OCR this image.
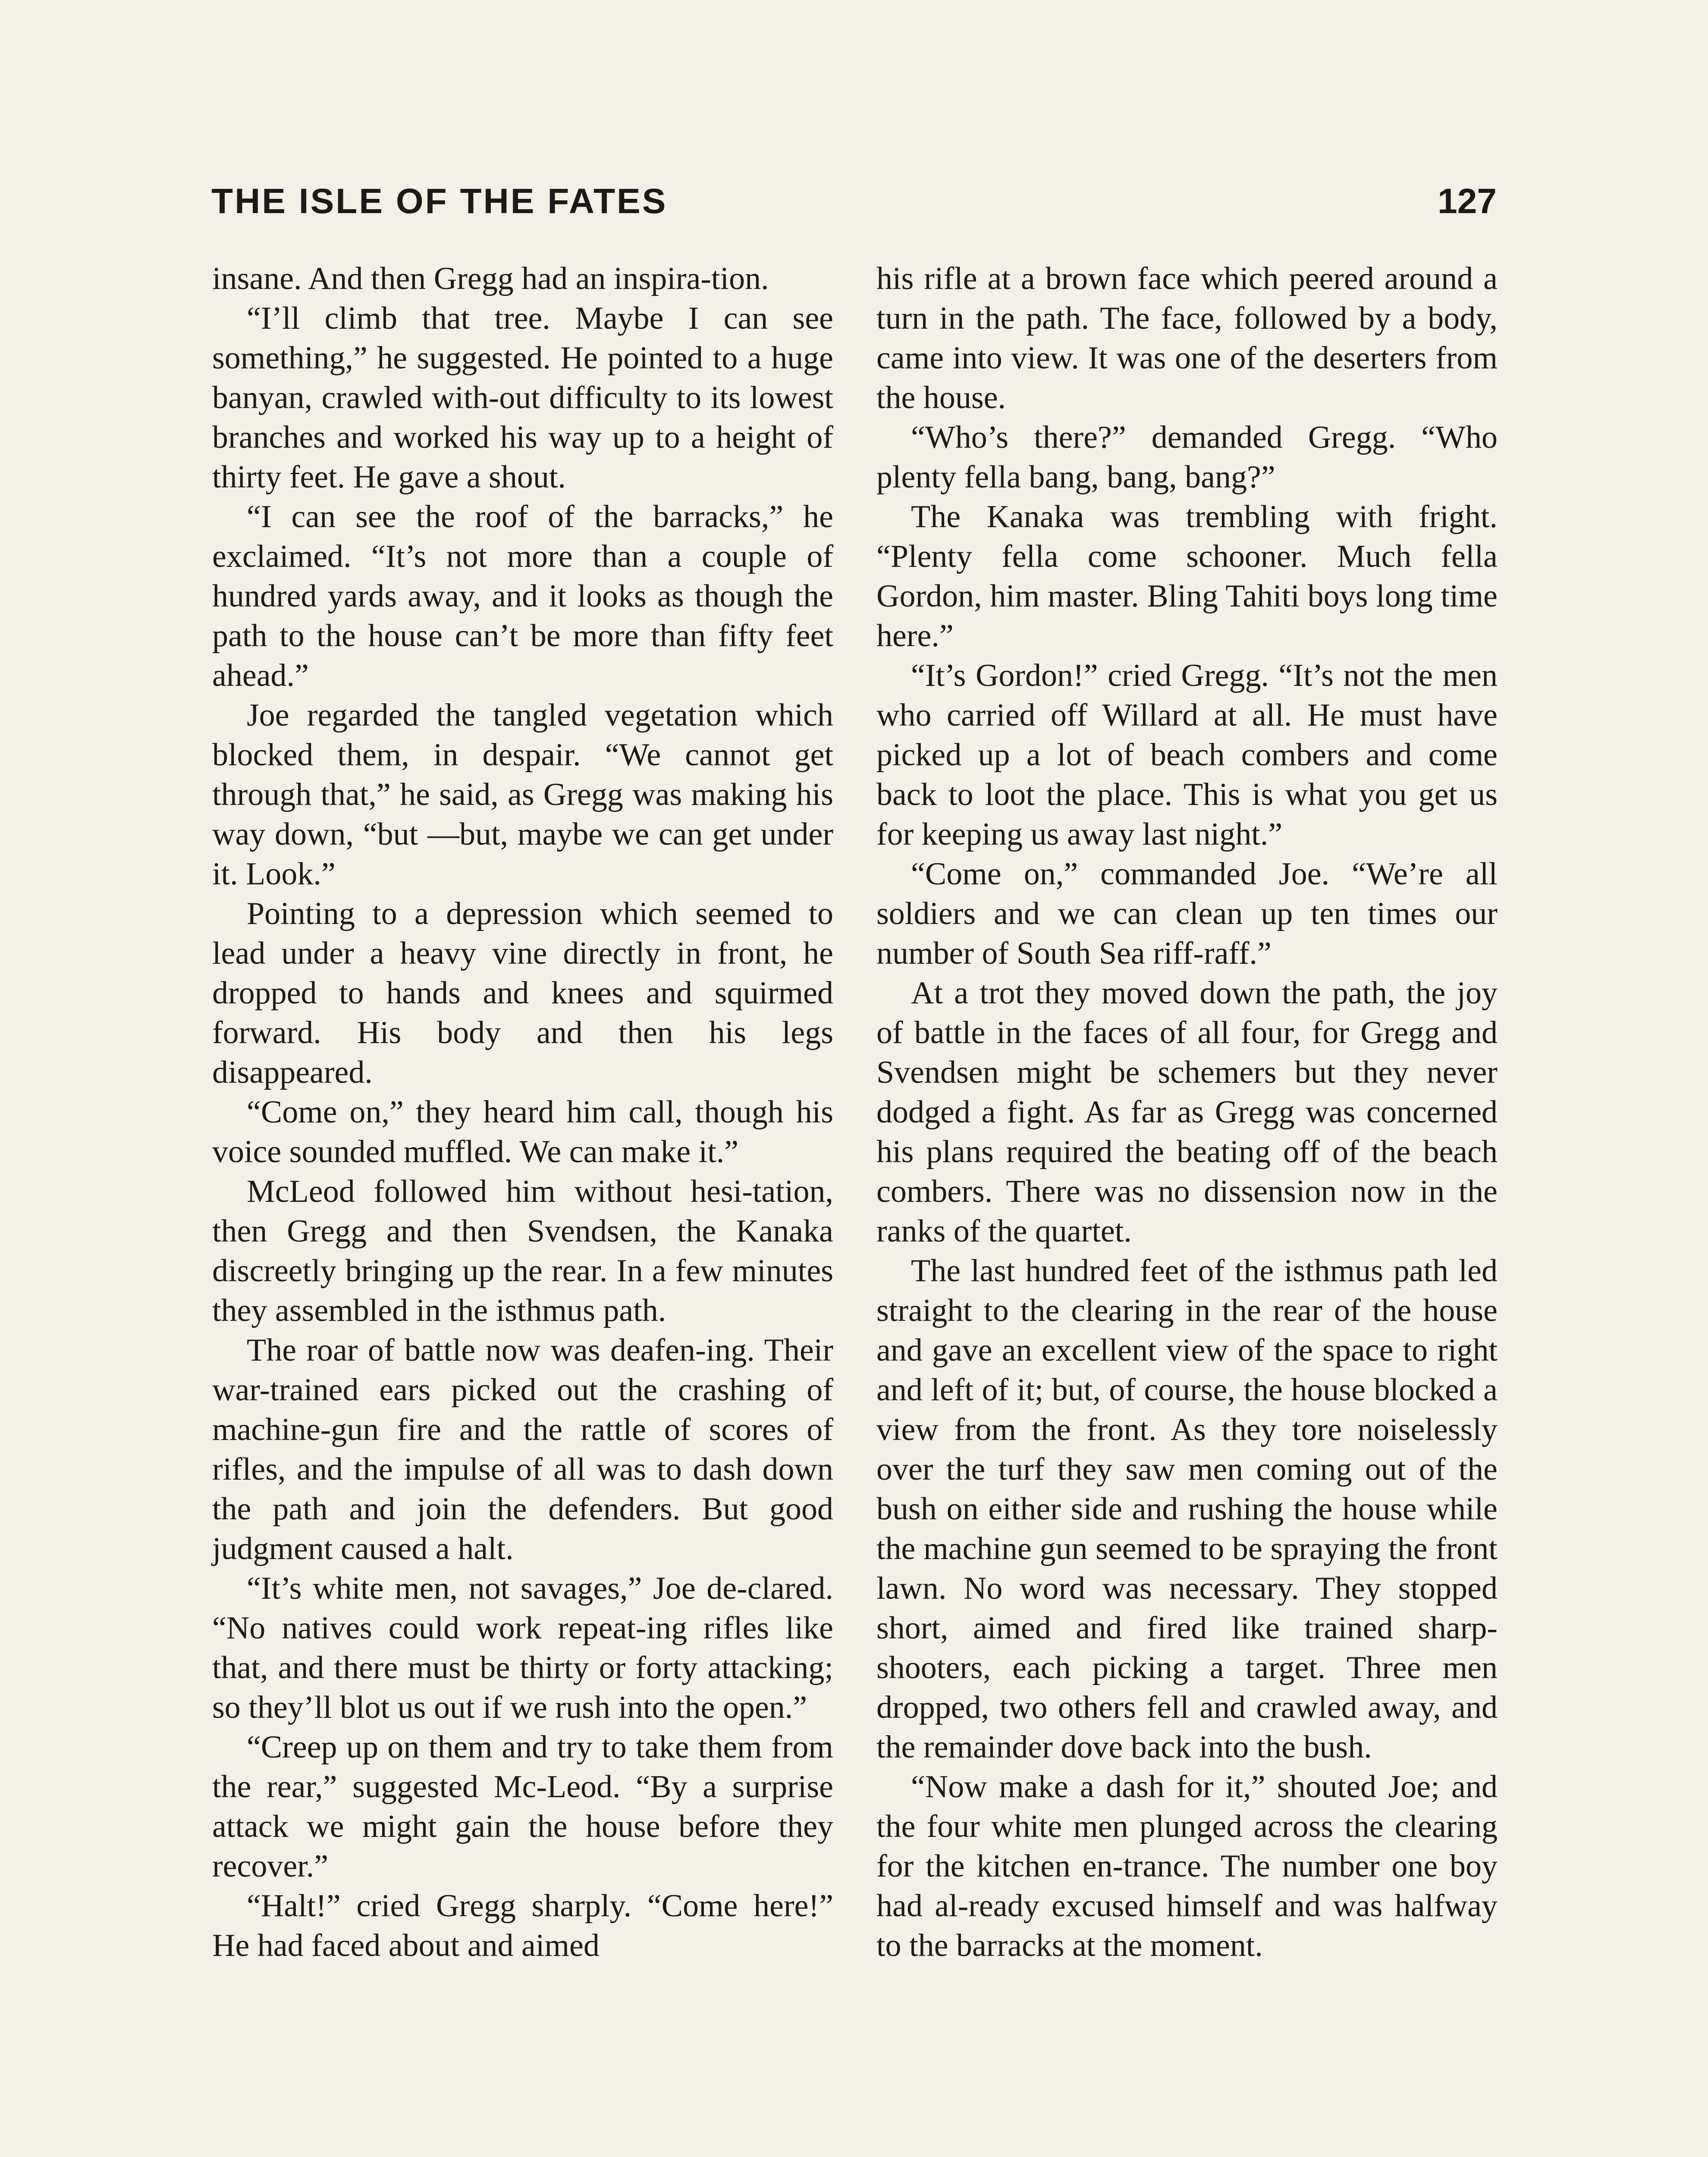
THE ISLE OF THE FATES	127

insane. And then Gregg had an inspira-tion.

“I’ll climb that tree. Maybe I can see something,” he suggested. He pointed to a huge banyan, crawled with-out difficulty to its lowest branches and worked his way up to a height of thirty feet. He gave a shout.

“I can see the roof of the barracks,” he exclaimed. “It’s not more than a couple of hundred yards away, and it looks as though the path to the house can’t be more than fifty feet ahead.”

Joe regarded the tangled vegetation which blocked them, in despair. “We cannot get through that,” he said, as Gregg was making his way down, “but —but, maybe we can get under it. Look.”

Pointing to a depression which seemed to lead under a heavy vine directly in front, he dropped to hands and knees and squirmed forward. His body and then his legs disappeared.

“Come on,” they heard him call, though his voice sounded muffled. We can make it.”

McLeod followed him without hesi-tation, then Gregg and then Svendsen, the Kanaka discreetly bringing up the rear. In a few minutes they assembled in the isthmus path.

The roar of battle now was deafen-ing. Their war-trained ears picked out the crashing of machine-gun fire and the rattle of scores of rifles, and the impulse of all was to dash down the path and join the defenders. But good judgment caused a halt.

“It’s white men, not savages,” Joe de-clared. “No natives could work repeat-ing rifles like that, and there must be thirty or forty attacking; so they’ll blot us out if we rush into the open.”

“Creep up on them and try to take them from the rear,” suggested Mc-Leod. “By a surprise attack we might gain the house before they recover.”

“Halt!” cried Gregg sharply. “Come here!” He had faced about and aimed

his rifle at a brown face which peered around a turn in the path. The face, followed by a body, came into view. It was one of the deserters from the house.

“Who’s there?” demanded Gregg. “Who plenty fella bang, bang, bang?”

The Kanaka was trembling with fright. “Plenty fella come schooner. Much fella Gordon, him master. Bling Tahiti boys long time here.”

“It’s Gordon!” cried Gregg. “It’s not the men who carried off Willard at all. He must have picked up a lot of beach combers and come back to loot the place. This is what you get us for keeping us away last night.”

“Come on,” commanded Joe. “We’re all soldiers and we can clean up ten times our number of South Sea riff-raff.”

At a trot they moved down the path, the joy of battle in the faces of all four, for Gregg and Svendsen might be schemers but they never dodged a fight. As far as Gregg was concerned his plans required the beating off of the beach combers. There was no dissension now in the ranks of the quartet.

The last hundred feet of the isthmus path led straight to the clearing in the rear of the house and gave an excellent view of the space to right and left of it; but, of course, the house blocked a view from the front. As they tore noiselessly over the turf they saw men coming out of the bush on either side and rushing the house while the machine gun seemed to be spraying the front lawn. No word was necessary. They stopped short, aimed and fired like trained sharp-shooters, each picking a target. Three men dropped, two others fell and crawled away, and the remainder dove back into the bush.

“Now make a dash for it,” shouted Joe; and the four white men plunged across the clearing for the kitchen en-trance. The number one boy had al-ready excused himself and was halfway to the barracks at the moment.
